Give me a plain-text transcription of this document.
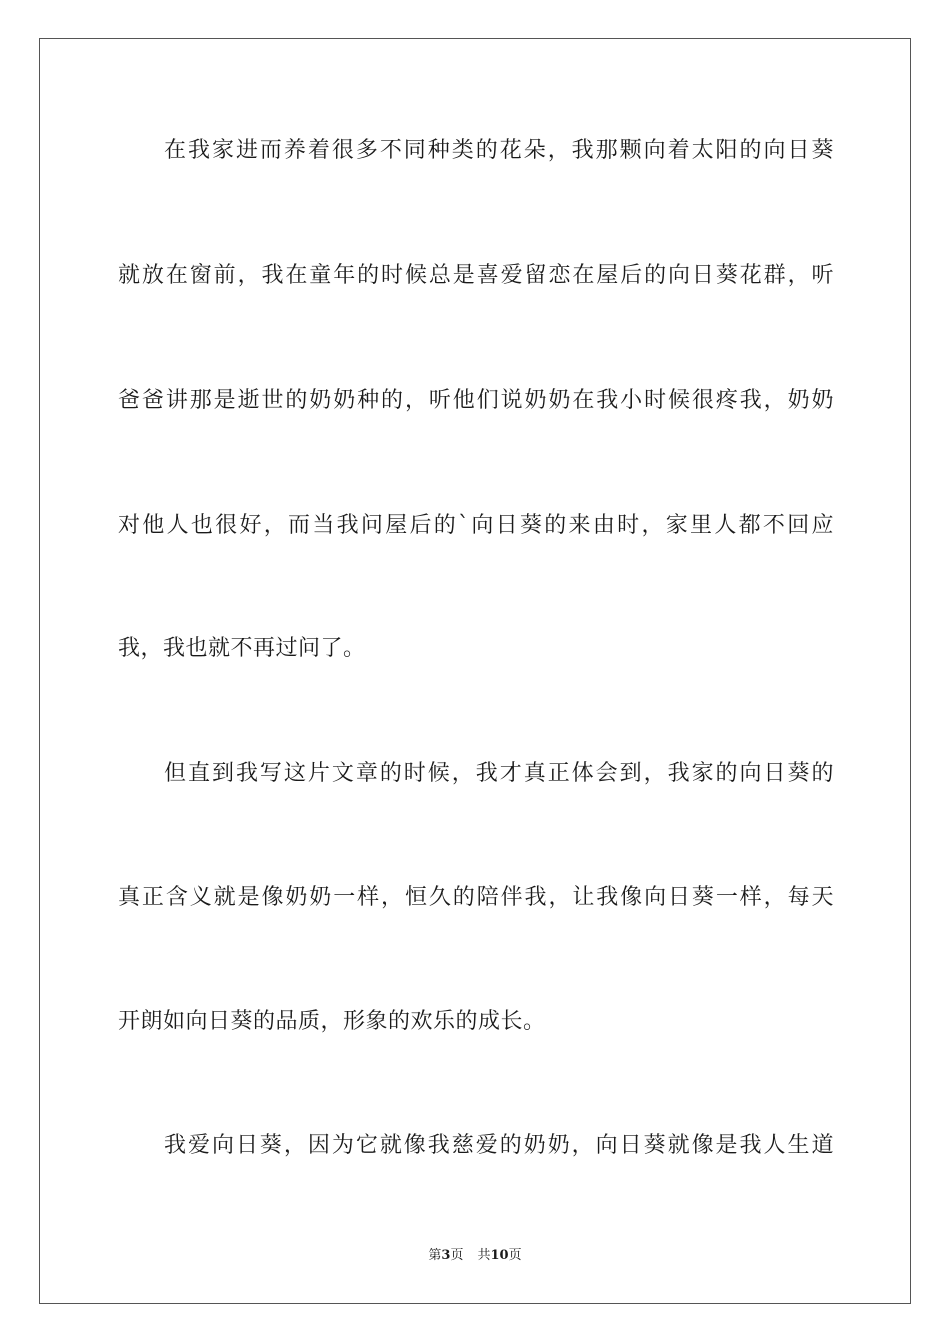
在我家进而养着很多不同种类的花朵，我那颗向着太阳的向日葵
就放在窗前，我在童年的时候总是喜爱留恋在屋后的向日葵花群，听
爸爸讲那是逝世的奶奶种的，听他们说奶奶在我小时候很疼我，奶奶
对他人也很好，而当我问屋后的`向日葵的来由时，家里人都不回应
我，我也就不再过问了。
但直到我写这片文章的时候，我才真正体会到，我家的向日葵的
真正含义就是像奶奶一样，恒久的陪伴我，让我像向日葵一样，每天
开朗如向日葵的品质，形象的欢乐的成长。
我爱向日葵，因为它就像我慈爱的奶奶，向日葵就像是我人生道
第3页 共10页
